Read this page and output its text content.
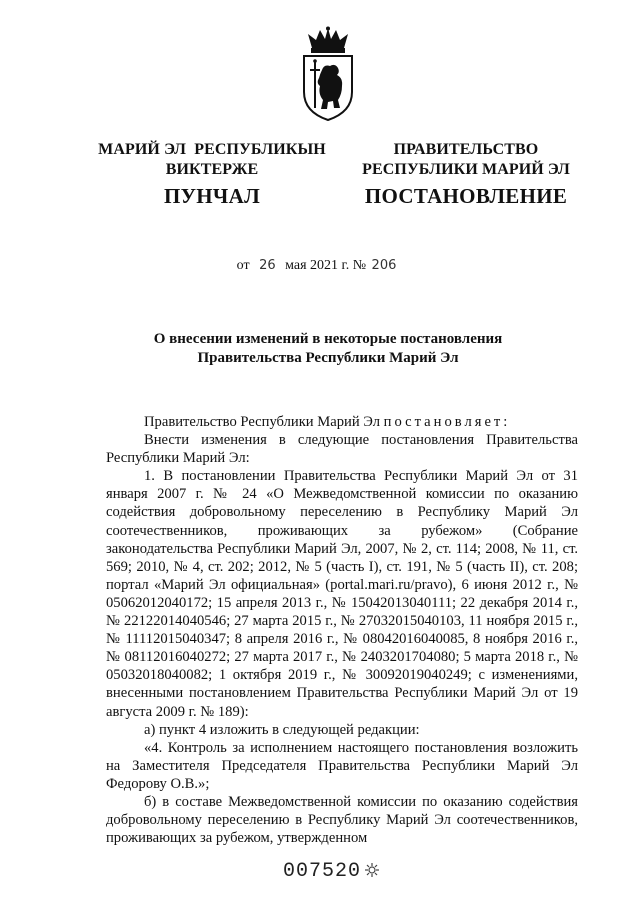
МАРИЙ ЭЛ  РЕСПУБЛИКЫН
ВИКТЕРЖЕ
ПУНЧАЛ
ПРАВИТЕЛЬСТВО
РЕСПУБЛИКИ МАРИЙ ЭЛ
ПОСТАНОВЛЕНИЕ
от 26 мая 2021 г. № 206
О внесении изменений в некоторые постановления
Правительства Республики Марий Эл

Правительство Республики Марий Эл постановляет:

Внести изменения в следующие постановления Правительства Республики Марий Эл:

1. В постановлении Правительства Республики Марий Эл от 31 января 2007 г. № 24 «О Межведомственной комиссии по оказанию содействия добровольному переселению в Республику Марий Эл соотечественников, проживающих за рубежом» (Собрание законодательства Республики Марий Эл, 2007, № 2, ст. 114; 2008, № 11, ст. 569; 2010, № 4, ст. 202; 2012, № 5 (часть I), ст. 191, № 5 (часть II), ст. 208; портал «Марий Эл официальная» (portal.mari.ru/pravo), 6 июня 2012 г., № 05062012040172; 15 апреля 2013 г., № 15042013040111; 22 декабря 2014 г., № 22122014040546; 27 марта 2015 г., № 27032015040103, 11 ноября 2015 г., № 11112015040347; 8 апреля 2016 г., № 08042016040085, 8 ноября 2016 г., № 08112016040272; 27 марта 2017 г., № 2403201704080; 5 марта 2018 г., № 05032018040082; 1 октября 2019 г., № 30092019040249; с изменениями, внесенными постановлением Правительства Республики Марий Эл от 19 августа 2009 г. № 189):

а) пункт 4 изложить в следующей редакции:

«4. Контроль за исполнением настоящего постановления возложить на Заместителя Председателя Правительства Республики Марий Эл Федорову О.В.»;

б) в составе Межведомственной комиссии по оказанию содействия добровольному переселению в Республику Марий Эл соотечественников, проживающих за рубежом, утвержденном

007520
